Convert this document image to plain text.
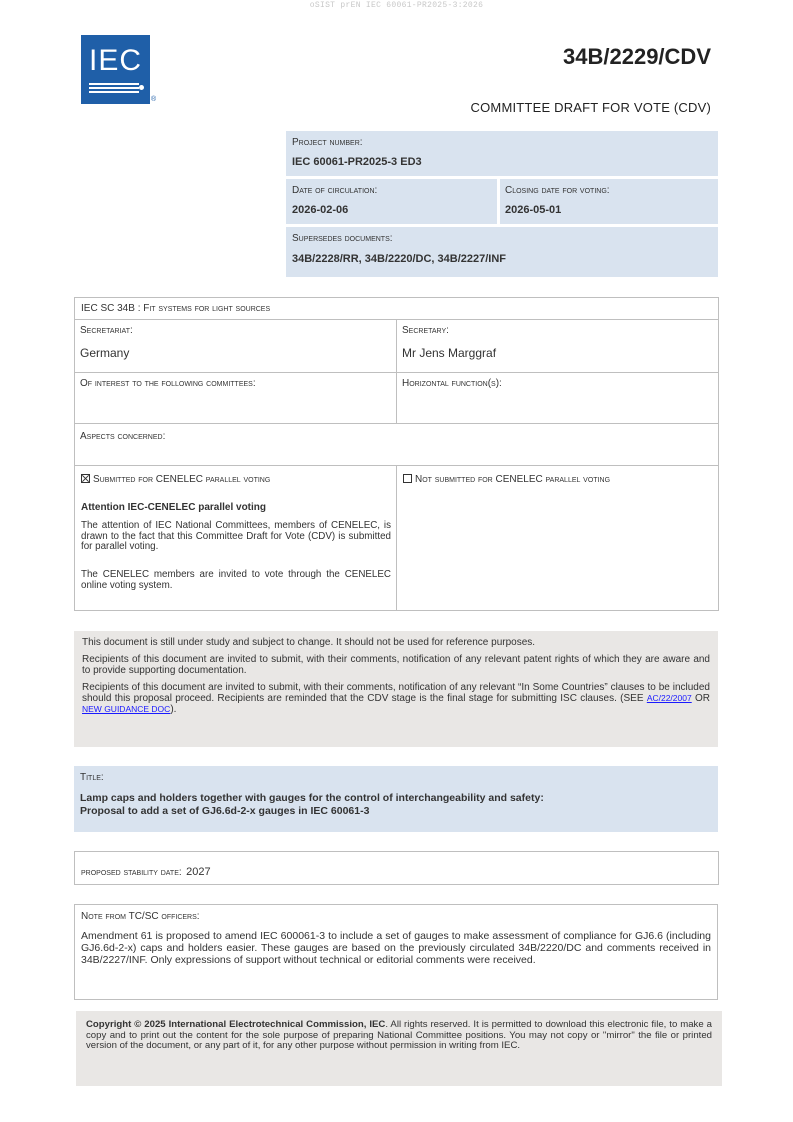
oSIST prEN IEC 60061-PR2025-3:2026
IEC
®
34B/2229/CDV
COMMITTEE DRAFT FOR VOTE (CDV)
Project number:
IEC 60061-PR2025-3 ED3
Date of circulation:
2026-02-06
Closing date for voting:
2026-05-01
Supersedes documents:
34B/2228/RR, 34B/2220/DC, 34B/2227/INF
IEC SC 34B : Fit systems for light sources
Secretariat:
Germany
Secretary:
Mr Jens Marggraf
Of interest to the following committees:	Horizontal function(s):
Aspects concerned:
Submitted for CENELEC parallel voting
Attention IEC-CENELEC parallel voting
The attention of IEC National Committees, members of CENELEC, is drawn to the fact that this Committee Draft for Vote (CDV) is submitted for parallel voting.
The CENELEC members are invited to vote through the CENELEC online voting system.
Not submitted for CENELEC parallel voting

This document is still under study and subject to change. It should not be used for reference purposes.

Recipients of this document are invited to submit, with their comments, notification of any relevant patent rights of which they are aware and to provide supporting documentation.

Recipients of this document are invited to submit, with their comments, notification of any relevant “In Some Countries” clauses to be included should this proposal proceed. Recipients are reminded that the CDV stage is the final stage for submitting ISC clauses. (SEE AC/22/2007 OR NEW GUIDANCE DOC).

Title:
Lamp caps and holders together with gauges for the control of interchangeability and safety:
Proposal to add a set of GJ6.6d-2-x gauges in IEC 60061-3
proposed stability date: 2027
Note from TC/SC officers:
Amendment 61 is proposed to amend IEC 600061-3 to include a set of gauges to make assessment of compliance for GJ6.6 (including GJ6.6d-2-x) caps and holders easier. These gauges are based on the previously circulated 34B/2220/DC and comments received in 34B/2227/INF. Only expressions of support without technical or editorial comments were received.
Copyright © 2025 International Electrotechnical Commission, IEC. All rights reserved. It is permitted to download this electronic file, to make a copy and to print out the content for the sole purpose of preparing National Committee positions. You may not copy or "mirror" the file or printed version of the document, or any part of it, for any other purpose without permission in writing from IEC.
